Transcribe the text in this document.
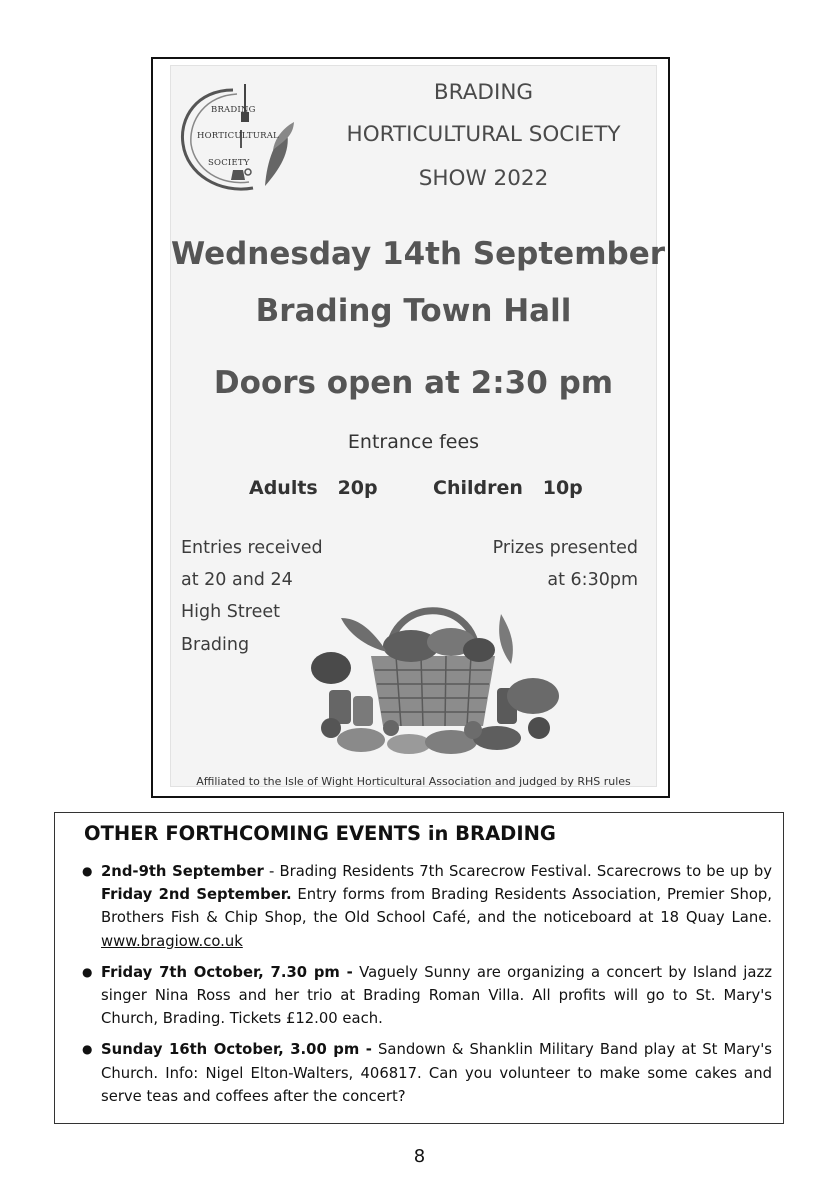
BRADING
HORTICULTURAL
SOCIETY
BRADING
HORTICULTURAL SOCIETY
SHOW 2022
Wednesday 14th September
Brading Town Hall
Doors open at 2:30 pm
Entrance fees
Adults   20p	Children   10p
Entries received
at 20 and 24
High Street
Brading
Prizes presented
at 6:30pm
Affiliated to the Isle of Wight Horticultural Association and judged by RHS rules
OTHER FORTHCOMING EVENTS in BRADING
● 2nd-9th September - Brading Residents 7th Scarecrow Festival. Scarecrows to be up by Friday 2nd September. Entry forms from Brading Residents Association, Premier Shop, Brothers Fish & Chip Shop, the Old School Café, and the noticeboard at 18 Quay Lane. www.bragiow.co.uk
● Friday 7th October, 7.30 pm - Vaguely Sunny are organizing a concert by Island jazz singer Nina Ross and her trio at Brading Roman Villa. All profits will go to St. Mary's Church, Brading. Tickets £12.00 each.
● Sunday 16th October, 3.00 pm - Sandown & Shanklin Military Band play at St Mary's Church. Info: Nigel Elton-Walters, 406817. Can you volunteer to make some cakes and serve teas and coffees after the concert?
8
